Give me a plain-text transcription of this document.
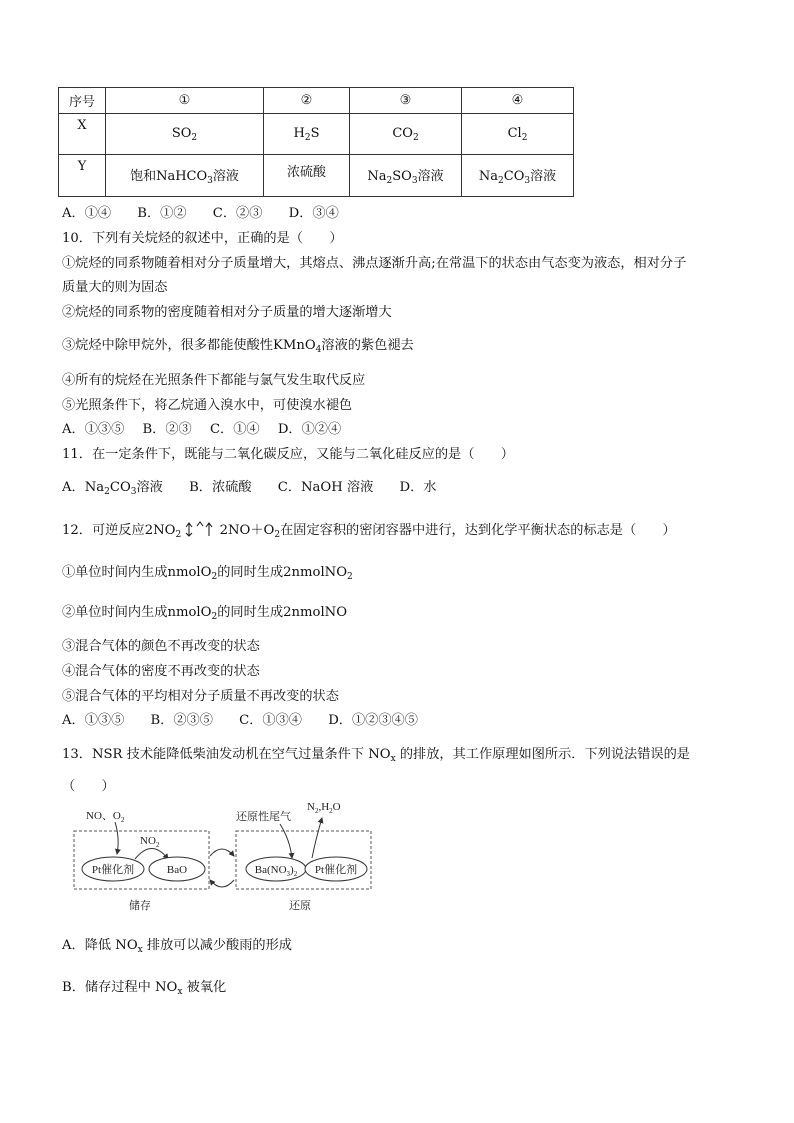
序号	①	②	③	④
X	$SO_2$	$H_2S$	$CO_2$	$Cl_2$
Y	饱和NaHCO$_3$溶液	浓硫酸	$Na_2SO_3$溶液	$Na_2CO_3$溶液
A．①④ B．①② C．②③ D．③④
10．下列有关烷烃的叙述中，正确的是（　　）
①烷烃的同系物随着相对分子质量增大，其熔点、沸点逐渐升高;在常温下的状态由气态变为液态，相对分子
质量大的则为固态
②烷烃的同系物的密度随着相对分子质量的增大逐渐增大
③烷烃中除甲烷外，很多都能使酸性KMnO$_4$溶液的紫色褪去
④所有的烷烃在光照条件下都能与氯气发生取代反应
⑤光照条件下，将乙烷通入溴水中，可使溴水褪色
A．①③⑤ B．②③ C．①④ D．①②④
11．在一定条件下，既能与二氧化碳反应，又能与二氧化硅反应的是（　　）
A．$Na_2CO_3$溶液 B．浓硫酸 C．NaOH 溶液 D．水
12．可逆反应$2NO_2$	$2NO+O_2$在固定容积的密闭容器中进行，达到化学平衡状态的标志是（　　）
①单位时间内生成nmolO$_2$的同时生成2nmolNO$_2$
②单位时间内生成nmolO$_2$的同时生成2nmolNO
③混合气体的颜色不再改变的状态
④混合气体的密度不再改变的状态
⑤混合气体的平均相对分子质量不再改变的状态
A．①③⑤ B．②③⑤ C．①③④ D．①②③④⑤
13．NSR 技术能降低柴油发动机在空气过量条件下 $NO_x$ 的排放，其工作原理如图所示．下列说法错误的是
（　　）
NO、$O_2$
$NO_2$
Pt催化剂	BaO
储存
还原性尾气
$N_2,H_2O$
$Ba(NO_3)_2$ Pt催化剂
还原
A．降低 $NO_x$ 排放可以减少酸雨的形成
B．储存过程中 $NO_x$ 被氧化
